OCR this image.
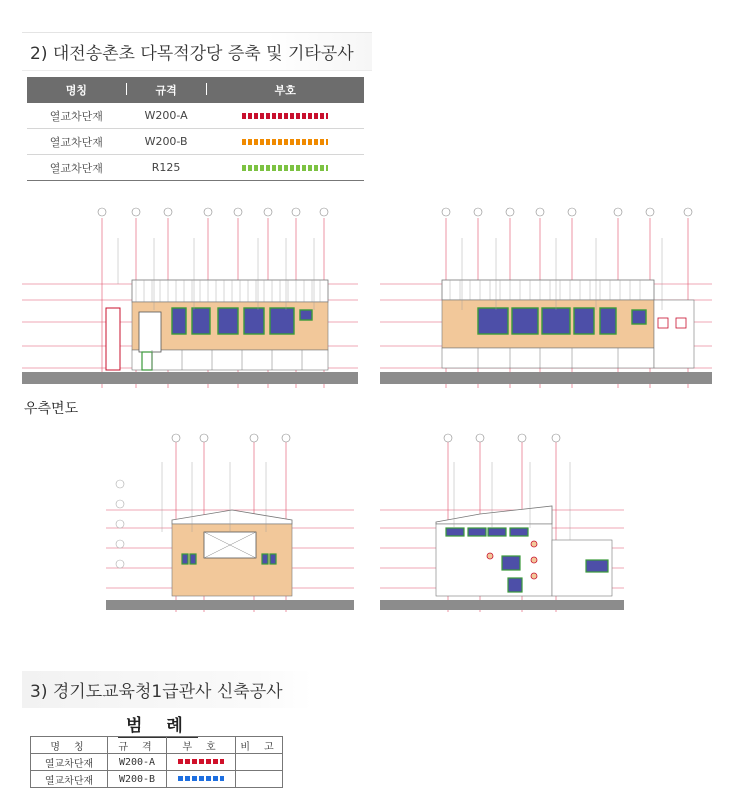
2) 대전송촌초 다목적강당 증축 및 기타공사
명칭	규격	부호
열교차단재	W200-A	
열교차단재	W200-B	
열교차단재	R125	
우측면도
3) 경기도교육청1급관사 신축공사
범 례
명 칭	규 격	부 호	비 고
열교차단재	W200-A		
열교차단재	W200-B		
